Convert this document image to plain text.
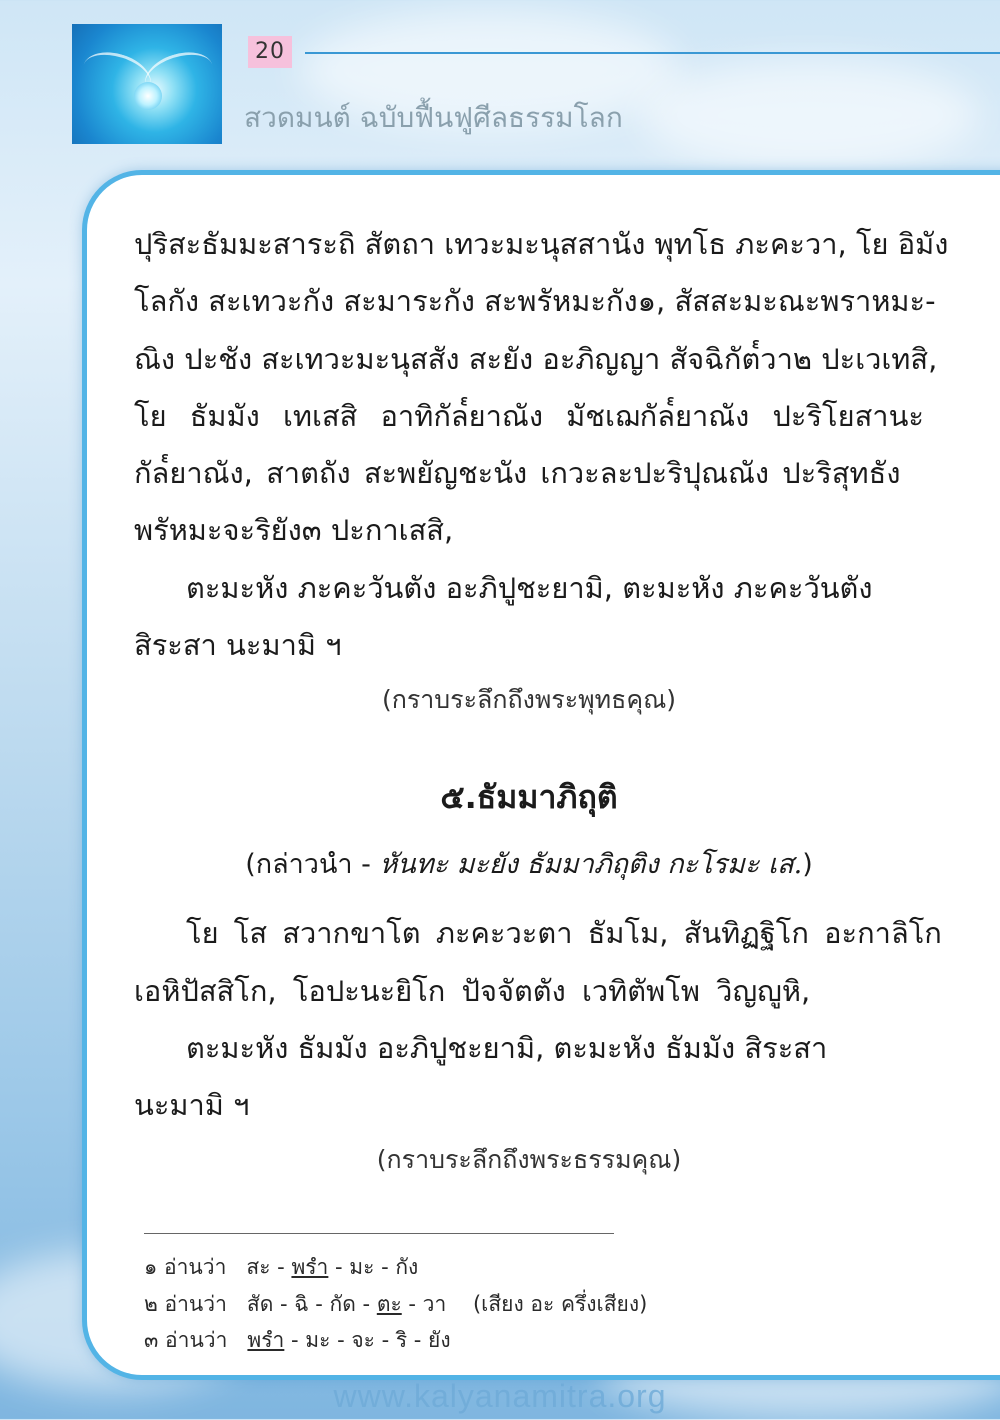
20
สวดมนต์ ฉบับฟื้นฟูศีลธรรมโลก
ปุริสะธัมมะสาระถิ สัตถา เทวะมะนุสสานัง พุทโธ ภะคะวา, โย อิมัง
โลกัง สะเทวะกัง สะมาระกัง สะพรัหมะกัง๑, สัสสะมะณะพราหมะ-
ณิง ปะชัง สะเทวะมะนุสสัง สะยัง อะภิญญา สัจฉิกัต๎วา๒ ปะเวเทสิ,
โย ธัมมัง เทเสสิ อาทิกัล๎ยาณัง มัชเฌกัล๎ยาณัง ปะริโยสานะ
กัล๎ยาณัง, สาตถัง สะพยัญชะนัง เกวะละปะริปุณณัง ปะริสุทธัง
พรัหมะจะริยัง๓ ปะกาเสสิ,
ตะมะหัง ภะคะวันตัง อะภิปูชะยามิ, ตะมะหัง ภะคะวันตัง
สิระสา นะมามิ ฯ
(กราบระลึกถึงพระพุทธคุณ)
๕.ธัมมาภิถุติ
(กล่าวนำ - หันทะ มะยัง ธัมมาภิถุติง กะโรมะ เส.)
โย โส สวากขาโต ภะคะวะตา ธัมโม, สันทิฏฐิโก อะกาลิโก
เอหิปัสสิโก, โอปะนะยิโก ปัจจัตตัง เวทิตัพโพ วิญญูหิ,
ตะมะหัง ธัมมัง อะภิปูชะยามิ, ตะมะหัง ธัมมัง สิระสา
นะมามิ ฯ
(กราบระลึกถึงพระธรรมคุณ)
๑ อ่านว่า สะ - พรำ - มะ - กัง
๒ อ่านว่า สัด - ฉิ - กัด - ตะ - วา (เสียง อะ ครึ่งเสียง)
๓ อ่านว่า พรำ - มะ - จะ - ริ - ยัง
www.kalyanamitra.org
